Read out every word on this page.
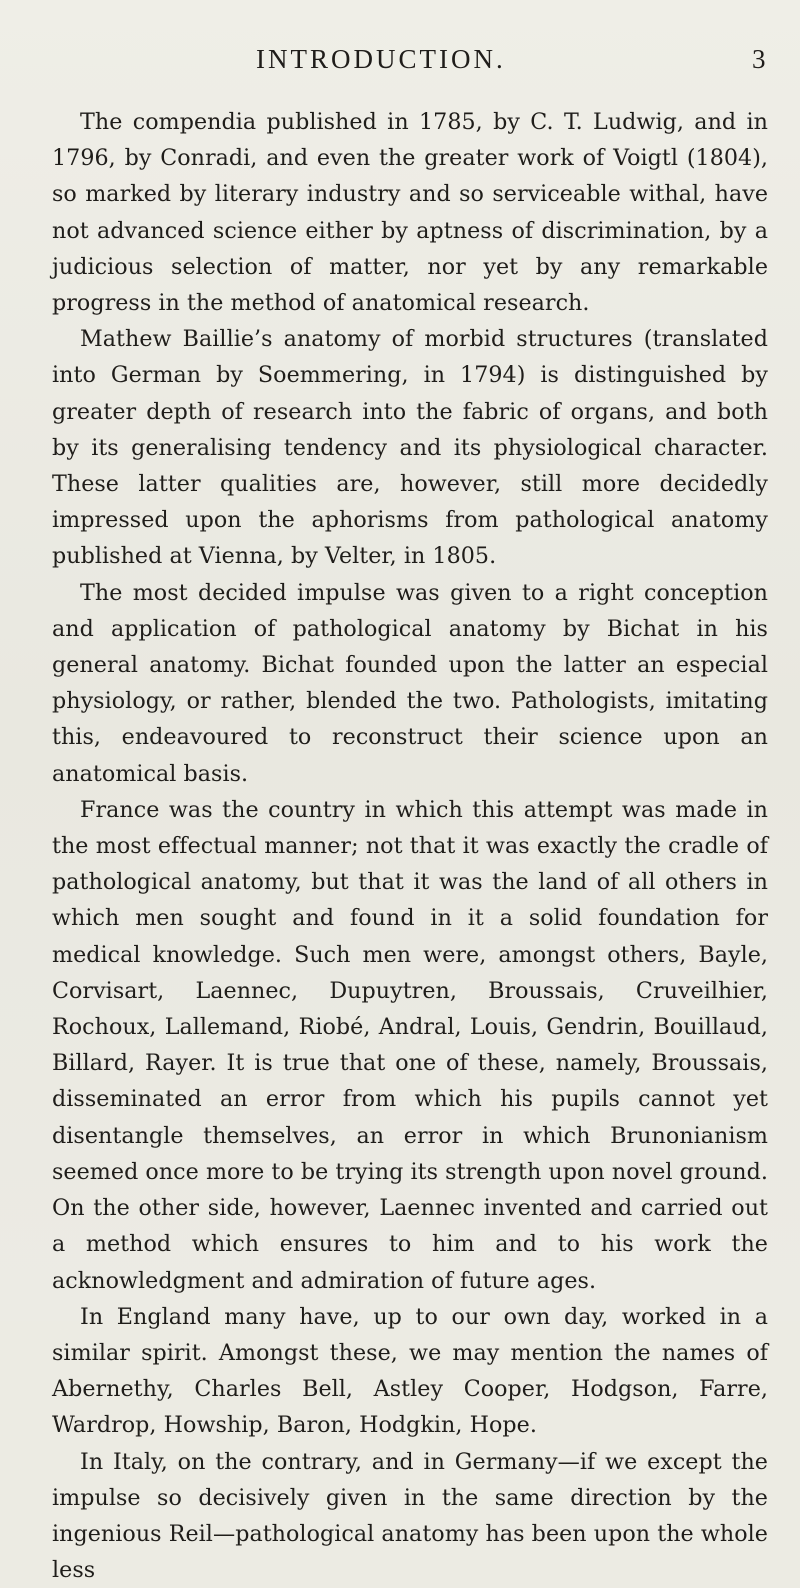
INTRODUCTION.	3

The compendia published in 1785, by C. T. Ludwig, and in 1796, by Conradi, and even the greater work of Voigtl (1804), so marked by literary industry and so serviceable withal, have not advanced science either by aptness of discrimination, by a judicious selection of matter, nor yet by any remarkable progress in the method of anatomical research.

Mathew Baillie’s anatomy of morbid structures (translated into German by Soemmering, in 1794) is distinguished by greater depth of research into the fabric of organs, and both by its generalising tendency and its physiological character. These latter qualities are, however, still more decidedly impressed upon the aphorisms from pathological anatomy published at Vienna, by Velter, in 1805.

The most decided impulse was given to a right conception and application of pathological anatomy by Bichat in his general anatomy. Bichat founded upon the latter an especial physiology, or rather, blended the two. Pathologists, imitating this, endeavoured to reconstruct their science upon an anatomical basis.

France was the country in which this attempt was made in the most effectual manner; not that it was exactly the cradle of pathological anatomy, but that it was the land of all others in which men sought and found in it a solid foundation for medical knowledge. Such men were, amongst others, Bayle, Corvisart, Laennec, Dupuytren, Broussais, Cruveilhier, Rochoux, Lallemand, Riobé, Andral, Louis, Gendrin, Bouillaud, Billard, Rayer. It is true that one of these, namely, Broussais, disseminated an error from which his pupils cannot yet disentangle themselves, an error in which Brunonianism seemed once more to be trying its strength upon novel ground. On the other side, however, Laennec invented and carried out a method which ensures to him and to his work the acknowledgment and admiration of future ages.

In England many have, up to our own day, worked in a similar spirit. Amongst these, we may mention the names of Abernethy, Charles Bell, Astley Cooper, Hodgson, Farre, Wardrop, Howship, Baron, Hodgkin, Hope.

In Italy, on the contrary, and in Germany—if we except the impulse so decisively given in the same direction by the ingenious Reil—pathological anatomy has been upon the whole less
